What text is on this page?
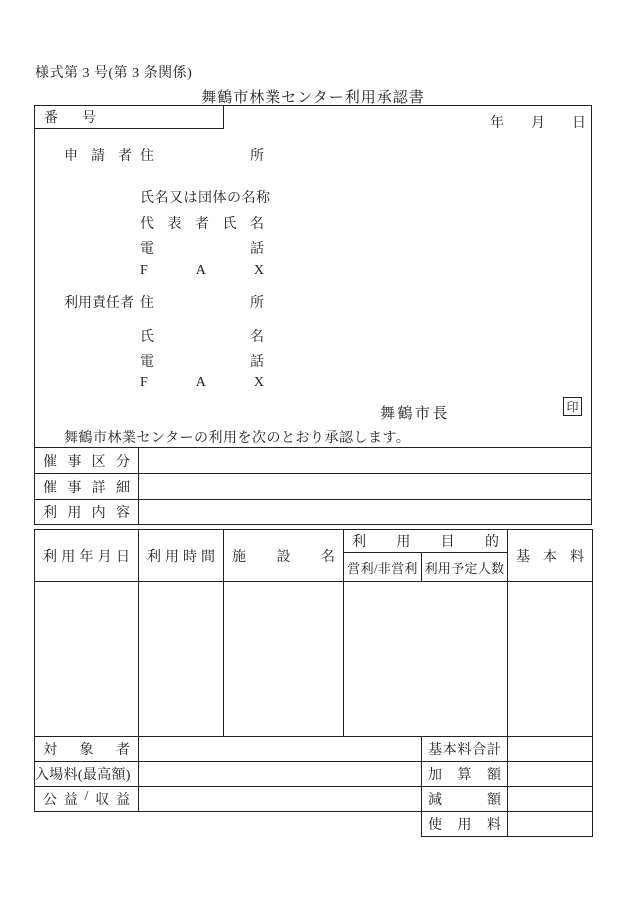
様式第 3 号(第 3 条関係)
舞鶴市林業センター利用承認書
番 号	年 月 日
申 請 者 住	所
氏名又は団体の名称
代 表 者 氏 名
電	話
F	A	X
利 用 責 任 者 住	所
氏	名
電	話
F	A	X
舞鶴市長	印
舞鶴市林業センターの利用を次のとおり承認します。
催 事 区 分
催 事 詳 細
利 用 内 容
利 用 年 月 日	利 用 時 間	施 設 名	利 用 目 的		基 本 料

			営利/非営利	利用予定人数	

対 象 者				基 本 料 合 計	

入場料(最高額)				加 算 額	

公 益 / 収 益				減 額	

				使 用 料	
